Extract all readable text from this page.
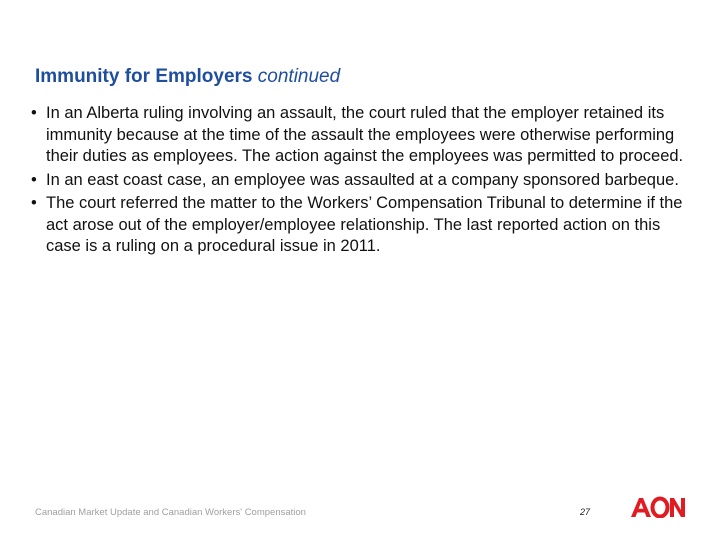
Immunity for Employers continued
• In an Alberta ruling involving an assault, the court ruled that the employer retained its immunity because at the time of the assault the employees were otherwise performing their duties as employees. The action against the employees was permitted to proceed.
• In an east coast case, an employee was assaulted at a company sponsored barbeque.
• The court referred the matter to the Workers’ Compensation Tribunal to determine if the act arose out of the employer/employee relationship. The last reported action on this case is a ruling on a procedural issue in 2011.
Canadian Market Update and Canadian Workers' Compensation	27
